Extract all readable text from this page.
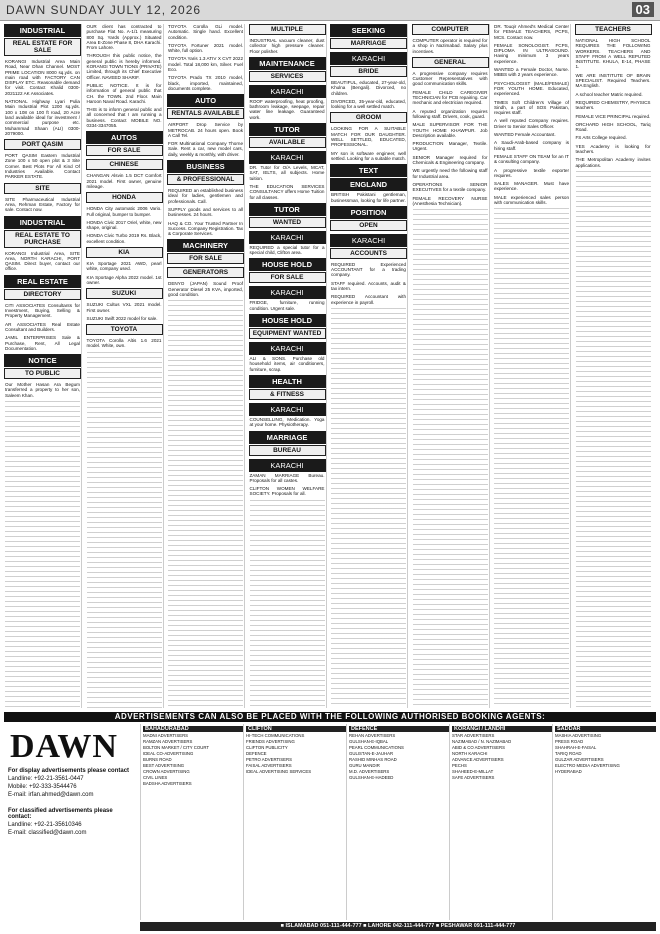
DAWN SUNDAY JULY 12, 2026	03
INDUSTRIAL
REAL ESTATE FOR SALE
KORANGI Industrial Area Main Road, Near Dhan Channel. MOST PRIME LOCATION 8000 sq.yds. on main road with FACTORY CAN DISPLAY ETC. Reasonable demand for visit. Contact Khalid 0300-2021122 AK Associates.
NATIONAL Highway Lyari Pulia Main Industrial Plot 1200 sq.yds. 100 x 108 on 100 ft road, 20 Acre land available ideal for investment / commercial purpose etc. Muhammad Shaan (ALI) 0300-2079000.
PORT QASIM
PORT QASIM Eastern Industrial Zone 100 x 50 open plot & 3 Site Corner. Best Plots For All Kind Of Industries Available. Contact PARKER ESTATE.
SITE
SITE Pharmaceutical Industrial Area, Rehman Estate, Factory for sale. Contact now.
INDUSTRIAL
REAL ESTATE TO PURCHASE
KORANGI Industrial Area, SITE Area, NORTH KARACHI, PORT QASIM. Direct buyer, contact our office.
REAL ESTATE
DIRECTORY
CITI ASSOCIATES Consultants for Investment, Buying, Selling & Property Management.
AR ASSOCIATES Real Estate Consultant and Builders.
JAMIL ENTERPRISES Sale & Purchase, Rent, All Legal Documentation.
NOTICE
TO PUBLIC
Our Mother Hasan Ara Begum transferred a property to her son, Saleem Khan.
OUR client has contracted to purchase Flat No. A-1/1 measuring 800 Sq. Yards (Approx.) Situated Area E-Zone Phase 8, DHA Karachi. From Lahore.
THROUGH this public notice, the general public is hereby informed. KORANGI TOWN TIONS (PRIVATE) Limited, through its Chief Executive Officer. NAVEED SHARIF.
PUBLIC NOTICE. It is for information of general public that CH. the TOWN. 2nd Floor. Main Haroon Naval Road. Karachi.
THIS is to inform general public and all concerned that I am running a business. Contact MOBILE NO. 0334-3347055.
AUTOS
FOR SALE
CHINESE
CHANGAN Alsvin 1.5 DCT Comfort 2021 model. First owner, genuine mileage.
HONDA
HONDA City automatic 2006 Vario. Full original, bumper to bumper.
HONDA Civic 2017 Oriel, white, new shape, original.
HONDA Civic Turbo 2019 Rs. Black, excellent condition.
KIA
KIA Sportage 2021 AWD, pearl white, company used.
KIA Sportage Alpha 2022 model. 1st owner.
SUZUKI
SUZUKI Cultus VXL 2021 model. First owner.
SUZUKI Swift 2022 model for sale.
TOYOTA
TOYOTA Corolla Altis 1.6 2021 model. White, own.
TOYOTA Corolla GLi model. Automatic. Single hand. Excellent condition.
TOYOTA Fortuner 2021 model. White, full option.
TOYOTA Yaris 1.3 ATIV X CVT 2022 model. Total 18,000 km, Silver. Fuel Eco.
TOYOTA Prado TX 2010 model, black, imported, maintained, documents complete.
AUTO
RENTALS AVAILABLE
AIRPORT Drop Service by METROCAB. 24 hours open. Book A Call Tel.
FOR Multinational Company Thorne Sale. Rent a car, new model cars, daily, weekly & monthly, with driver.
BUSINESS
& PROFESSIONAL
REQUIRED an established business ideal for ladies, gentlemen and professionals. Call.
SUPPLY goods and services to all businesses. 24 hours.
HAQ & CO. Your Trusted Partner In Success. Company Registration. Tax & Corporate Services.
MACHINERY
FOR SALE
GENERATORS
DENYO (JAPAN) Sound Proof Generator Diesel 25 KVA, imported, good condition.
MULTIPLE
INDUSTRIAL vacuum cleaner, dust collector high pressure cleaner. Floor polisher.
MAINTENANCE
SERVICES
KARACHI
ROOF waterproofing, heat proofing, bathroom leakage, seepage, repair water line leakage. Guaranteed work.
TUTOR
AVAILABLE
KARACHI
DR. Tutor for O/A Levels, MCAT, SAT, IELTS, all subjects. Home tuition.
THE EDUCATION SERVICES CONSULTANCY offers Home Tuition for all classes.
TUTOR
WANTED
KARACHI
REQUIRED a special tutor for a special child, Clifton area.
HOUSE HOLD
FOR SALE
KARACHI
FRIDGE, furniture, running condition. Urgent sale.
HOUSE HOLD
EQUIPMENT WANTED
KARACHI
ALI & SONS. Purchase old household items, air conditioners, furniture, scrap.
HEALTH
& FITNESS
KARACHI
COUNSELLING, Medication. Yoga at your home. Physiotherapy.
MARRIAGE
BUREAU
KARACHI
ZAMAN MARRIAGE Bureau. Proposals for all castes.
CLIFTON WOMEN WELFARE SOCIETY. Proposals for all.
SEEKING
MARRIAGE
KARACHI
BRIDE
BEAUTIFUL, educated, 27-year-old, Khulna (Bengali). Divorced, no children.
DIVORCED, 35-year-old, educated, looking for a well settled match.
GROOM
LOOKING FOR A SUITABLE MATCH FOR OUR DAUGHTER. WELL SETTLED, EDUCATED, PROFESSIONAL.
MY son is software engineer, well settled. Looking for a suitable match.
TEXT
ENGLAND
BRITISH Pakistani gentleman, businessman, looking for life partner.
POSITION
OPEN
KARACHI
ACCOUNTS
REQUIRED Experienced ACCOUNTANT for a trading company.
STAFF required. Accounts, audit & tax intern.
REQUIRED Accountant with experience in payroll.
COMPUTER
COMPUTER operator is required for a shop in Nazimabad. Salary plus incentives.
GENERAL
A progressive company requires Customer Representatives with good communication skills.
FEMALE CHILD CAREGIVER TECHNICIAN for PCB repairing. Car mechanic and electrician required.
A reputed organization requires following staff. Drivers, cook, guard.
MALE SUPERVISOR FOR THE YOUTH HOME KHAWPUR. Job Description available.
PRODUCTION Manager, Textile. Urgent.
SENIOR Manager required for Chemicals & Engineering company.
WE urgently need the following staff for Industrial area.
OPERATIONS SENIOR EXECUTIVES for a textile company.
FEMALE RECOVERY NURSE (Anesthesia Technician).
DR. Touqir Ahmed's Medical Center for FEMALE TEACHERS, PCPS, MCS. Contact now.
FEMALE SONOLOGIST. FCPS, DIPLOMA IN ULTRASOUND. Having minimum 3 years experience.
WANTED a Female Doctor, Nurse. MBBS with 2 years experience.
PSYCHOLOGIST (MALE/FEMALE) FOR YOUTH HOME. Educated, experienced.
TIMES Soft Children's Village of Sindh, a part of SOS Pakistan, requires staff.
A well reputed Company requires. Driver to Senior Sales Officer.
WANTED Female Accountant.
A Saudi-Arab-based company is hiring staff.
FEMALE STAFF ON TEAM for an IT & consulting company.
A progressive textile exporter requires.
SALES MANAGER. Must have experience.
MALE experienced sales person with communication skills.
TEACHERS
NATIONAL HIGH SCHOOL REQUIRES THE FOLLOWING WORKERS. TEACHERS AND STAFF FROM A WELL REPUTED INSTITUTE. KHULA, E-14, PHASE 1.
WE ARE INSTITUTE OF BRAIN SPECIALIST. Required Teachers. MA English.
A school teacher Matric required.
REQUIRED CHEMISTRY, PHYSICS teachers.
FEMALE VICE PRINCIPAL required.
ORCHARD HIGH SCHOOL, Tariq Road.
FS Arts College required.
YES Academy is looking for teachers.
THE Metropolitan Academy invites applications.
ADVERTISEMENTS CAN ALSO BE PLACED WITH THE FOLLOWING AUTHORISED BOOKING AGENTS:
DAWN
For display advertisements please contact
Landline: +92-21-3561-0447
Mobile: +92-333-3544476
E-mail: irfan.ahmed@dawn.com
For classified advertisements please contact:
Landline: +92-21-35610346
E-mail: classified@dawn.com
BAHADURABAD
MADNI ADVERTISERS
RAMZAN ADVERTISERS
BOLTON MARKET / CITY COURT
IDEAL CO-ADVERTISING
BURNS ROAD
BEST ADVERTISING
CROWN ADVERTISING
CIVIL LINES
BADSHA ADVERTISERS
CLIFTON
HI-TECH COMMUNICATIONS
FRIENDS ADVERTISING
CLIFTON PUBLICITY
DEFENCE
PETRO ADVERTISERS
FAISAL ADVERTISERS
IDEAL ADVERTISING SERVICES
DEFENCE
REHAN ADVERTISERS
GULSHAN-E-IQBAL
PEARL COMMUNICATIONS
GULISTAN-E-JAUHAR
RASHID MINHAS ROAD
GURU MANDIR
M.D. ADVERTISERS
GULSHAN-E-HADEED
KORANGI / LANDHI
STAR ADVERTISERS
NAZIMABAD / N. NAZIMABAD
ABID & CO ADVERTISERS
NORTH KARACHI
ADVANCE ADVERTISERS
PECHS
SHAHEED-E-MILLAT
SAFE ADVERTISERS
SADDAR
MASHIA ADVERTISING
PRESS ROAD
SHAHRAH-E-FAISAL
TARIQ ROAD
GULZAR ADVERTISERS
ELECTRO MEDIA ADVERTISING
HYDERABAD
■ ISLAMABAD 051-111-444-777 ■ LAHORE 042-111-444-777 ■ PESHAWAR 091-111-444-777
